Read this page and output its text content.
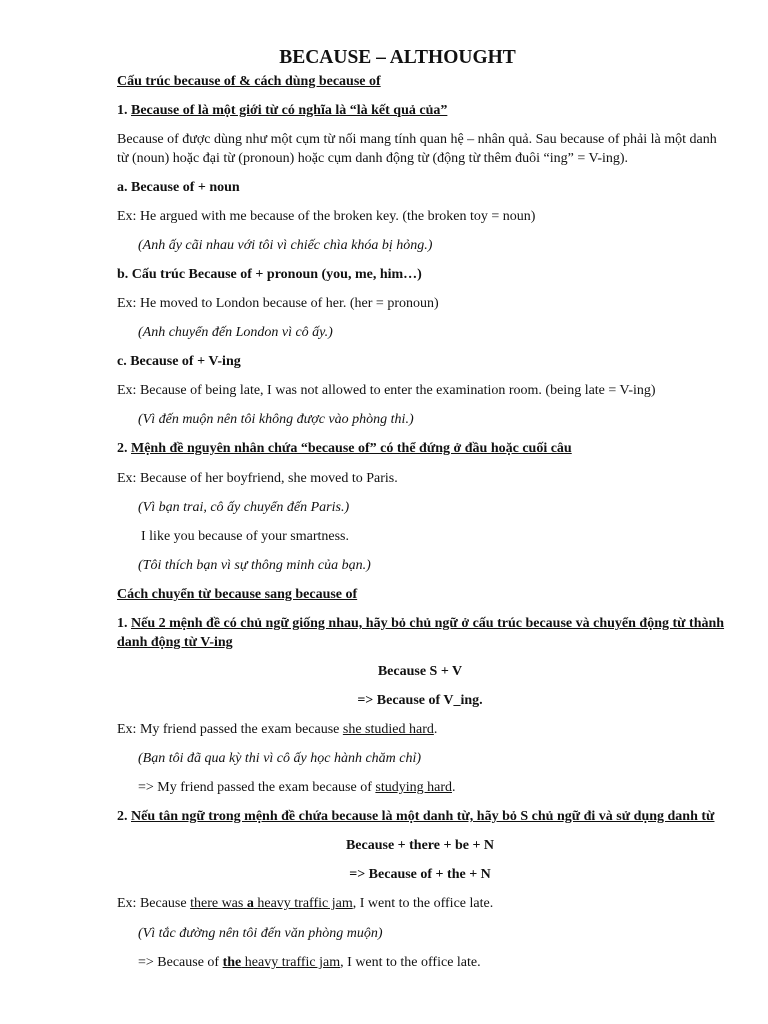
BECAUSE – ALTHOUGHT
Cấu trúc because of & cách dùng because of
1. Because of là một giới từ có nghĩa là “là kết quả của”
Because of được dùng như một cụm từ nối mang tính quan hệ – nhân quả. Sau because of phải là một danh
từ (noun) hoặc đại từ (pronoun) hoặc cụm danh động từ (động từ thêm đuôi “ing” = V-ing).
a. Because of + noun
Ex: He argued with me because of the broken key. (the broken toy = noun)
(Anh ấy cãi nhau với tôi vì chiếc chìa khóa bị hỏng.)
b. Cấu trúc Because of + pronoun (you, me, him…)
Ex: He moved to London because of her. (her = pronoun)
(Anh chuyển đến London vì cô ấy.)
c. Because of + V-ing
Ex: Because of being late, I was not allowed to enter the examination room. (being late = V-ing)
(Vì đến muộn nên tôi không được vào phòng thi.)
2. Mệnh đề nguyên nhân chứa “because of” có thể đứng ở đầu hoặc cuối câu
Ex: Because of her boyfriend, she moved to Paris.
(Vì bạn trai, cô ấy chuyển đến Paris.)
I like you because of your smartness.
(Tôi thích bạn vì sự thông minh của bạn.)
Cách chuyển từ because sang because of
1. Nếu 2 mệnh đề có chủ ngữ giống nhau, hãy bỏ chủ ngữ ở cấu trúc because và chuyển động từ thành
danh động từ V-ing
Because S + V
=> Because of V_ing.
Ex: My friend passed the exam because she studied hard.
(Bạn tôi đã qua kỳ thi vì cô ấy học hành chăm chỉ)
=> My friend passed the exam because of studying hard.
2. Nếu tân ngữ trong mệnh đề chứa because là một danh từ, hãy bỏ S chủ ngữ đi và sử dụng danh từ
Because + there + be + N
=> Because of + the + N
Ex: Because there was a heavy traffic jam, I went to the office late.
(Vì tắc đường nên tôi đến văn phòng muộn)
=> Because of the heavy traffic jam, I went to the office late.
